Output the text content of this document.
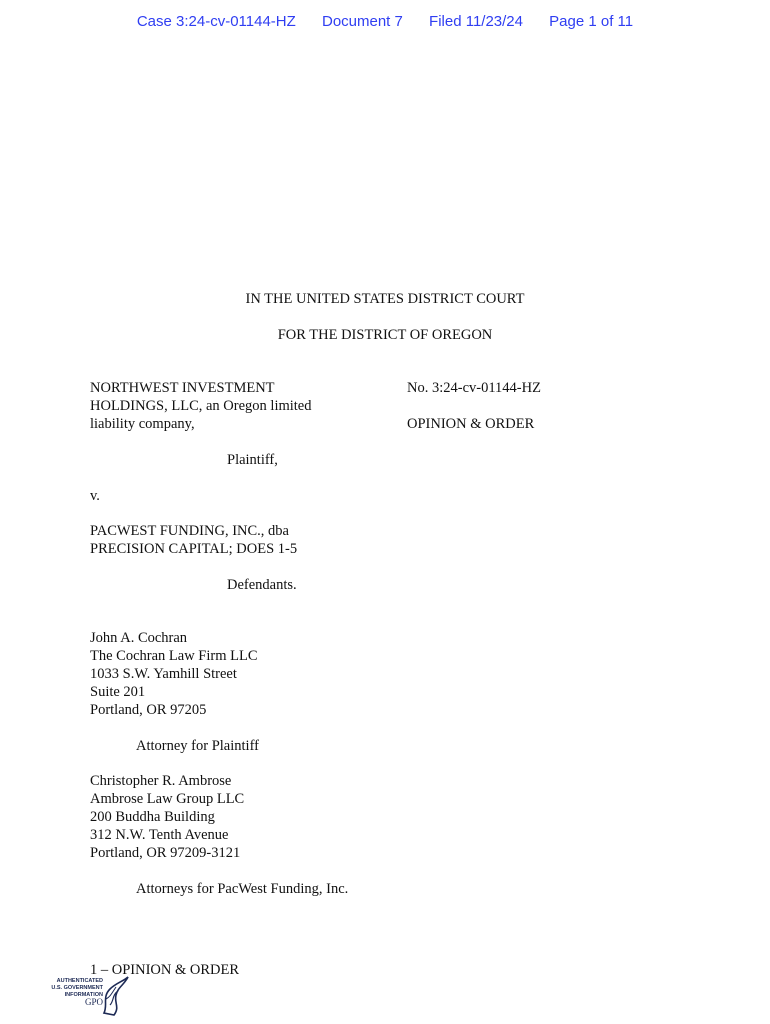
Case 3:24-cv-01144-HZ Document 7 Filed 11/23/24 Page 1 of 11
IN THE UNITED STATES DISTRICT COURT
FOR THE DISTRICT OF OREGON
NORTHWEST INVESTMENT
HOLDINGS, LLC, an Oregon limited
liability company,
No. 3:24-cv-01144-HZ
OPINION & ORDER
Plaintiff,
v.
PACWEST FUNDING, INC., dba
PRECISION CAPITAL; DOES 1-5
Defendants.
John A. Cochran
The Cochran Law Firm LLC
1033 S.W. Yamhill Street
Suite 201
Portland, OR 97205
Attorney for Plaintiff
Christopher R. Ambrose
Ambrose Law Group LLC
200 Buddha Building
312 N.W. Tenth Avenue
Portland, OR 97209-3121
Attorneys for PacWest Funding, Inc.
1 – OPINION & ORDER
AUTHENTICATED
U.S. GOVERNMENT
INFORMATION
GPO
